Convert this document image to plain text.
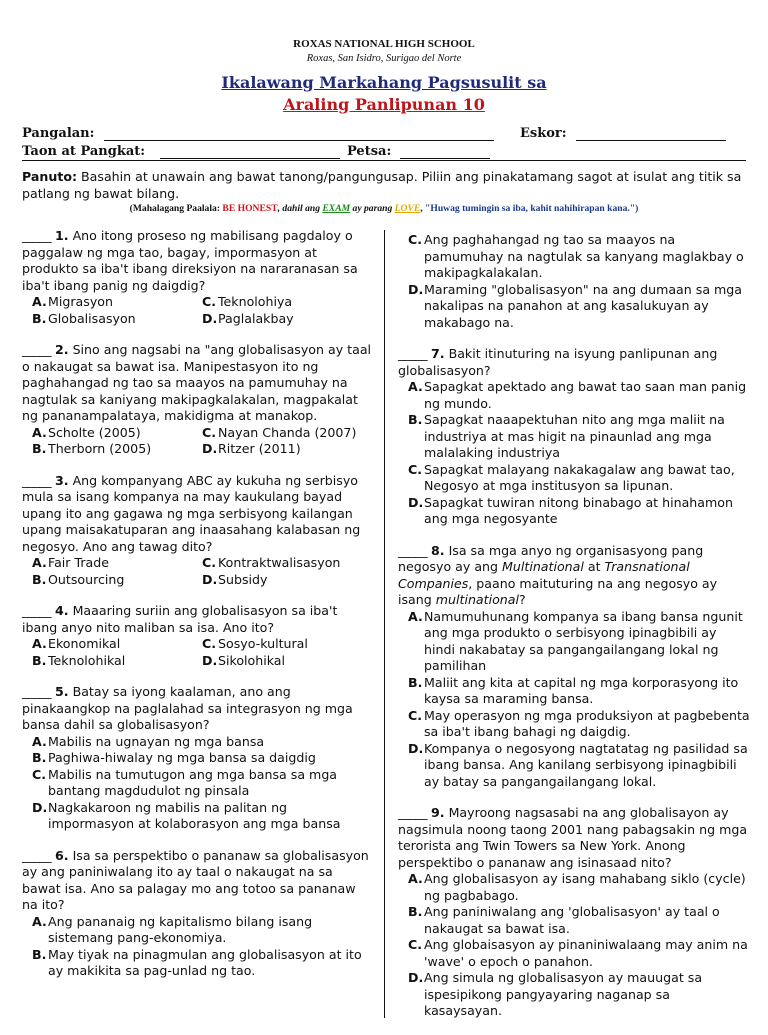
ROXAS NATIONAL HIGH SCHOOL
Roxas, San Isidro, Surigao del Norte
Ikalawang Markahang Pagsusulit sa
Araling Panlipunan 10
Pangalan:	Eskor:
Taon at Pangkat:	Petsa:
Panuto: Basahin at unawain ang bawat tanong/pangungusap. Piliin ang pinakatamang sagot at isulat ang titik sa patlang ng bawat bilang.
(Mahalagang Paalala: BE HONEST, dahil ang EXAM ay parang LOVE, "Huwag tumingin sa iba, kahit nahihirapan kana.")

_____ 1. Ano itong proseso ng mabilisang pagdaloy o paggalaw ng mga tao, bagay, impormasyon at produkto sa iba't ibang direksiyon na nararanasan sa iba't ibang panig ng daigdig?

A. Migrasyon	C. Teknolohiya
B. Globalisasyon	D. Paglalakbay

_____ 2. Sino ang nagsabi na "ang globalisasyon ay taal o nakaugat sa bawat isa. Manipestasyon ito ng paghahangad ng tao sa maayos na pamumuhay na nagtulak sa kaniyang makipagkalakalan, magpakalat ng pananampalataya, makidigma at manakop.

A. Scholte (2005)	C. Nayan Chanda (2007)
B. Therborn (2005)	D. Ritzer (2011)

_____ 3. Ang kompanyang ABC ay kukuha ng serbisyo mula sa isang kompanya na may kaukulang bayad upang ito ang gagawa ng mga serbisyong kailangan upang maisakatuparan ang inaasahang kalabasan ng negosyo. Ano ang tawag dito?

A. Fair Trade	C. Kontraktwalisasyon
B. Outsourcing	D. Subsidy

_____ 4. Maaaring suriin ang globalisasyon sa iba't ibang anyo nito maliban sa isa. Ano ito?

A. Ekonomikal	C. Sosyo-kultural
B. Teknolohikal	D. Sikolohikal

_____ 5. Batay sa iyong kaalaman, ano ang pinakaangkop na paglalahad sa integrasyon ng mga bansa dahil sa globalisasyon?

A. Mabilis na ugnayan ng mga bansa
B. Paghiwa-hiwalay ng mga bansa sa daigdig
C. Mabilis na tumutugon ang mga bansa sa mga bantang magdudulot ng pinsala
D. Nagkakaroon ng mabilis na palitan ng impormasyon at kolaborasyon ang mga bansa

_____ 6. Isa sa perspektibo o pananaw sa globalisasyon ay ang paniniwalang ito ay taal o nakaugat na sa bawat isa. Ano sa palagay mo ang totoo sa pananaw na ito?

A. Ang pananaig ng kapitalismo bilang isang sistemang pang-ekonomiya.
B. May tiyak na pinagmulan ang globalisasyon at ito ay makikita sa pag-unlad ng tao.
C. Ang paghahangad ng tao sa maayos na pamumuhay na nagtulak sa kanyang maglakbay o makipagkalakalan.
D. Maraming "globalisasyon" na ang dumaan sa mga nakalipas na panahon at ang kasalukuyan ay makabago na.

_____ 7. Bakit itinuturing na isyung panlipunan ang globalisasyon?

A. Sapagkat apektado ang bawat tao saan man panig ng mundo.
B. Sapagkat naaapektuhan nito ang mga maliit na industriya at mas higit na pinaunlad ang mga malalaking industriya
C. Sapagkat malayang nakakagalaw ang bawat tao, Negosyo at mga institusyon sa lipunan.
D. Sapagkat tuwiran nitong binabago at hinahamon ang mga negosyante

_____ 8. Isa sa mga anyo ng organisasyong pang negosyo ay ang Multinational at Transnational Companies, paano maituturing na ang negosyo ay isang multinational?

A. Namumuhunang kompanya sa ibang bansa ngunit ang mga produkto o serbisyong ipinagbibili ay hindi nakabatay sa pangangailangang lokal ng pamilihan
B. Maliit ang kita at capital ng mga korporasyong ito kaysa sa maraming bansa.
C. May operasyon ng mga produksiyon at pagbebenta sa iba't ibang bahagi ng daigdig.
D. Kompanya o negosyong nagtatatag ng pasilidad sa ibang bansa. Ang kanilang serbisyong ipinagbibili ay batay sa pangangailangang lokal.

_____ 9. Mayroong nagsasabi na ang globalisayon ay nagsimula noong taong 2001 nang pabagsakin ng mga terorista ang Twin Towers sa New York. Anong perspektibo o pananaw ang isinasaad nito?

A. Ang globalisasyon ay isang mahabang siklo (cycle) ng pagbabago.
B. Ang paniniwalang ang 'globalisasyon' ay taal o nakaugat sa bawat isa.
C. Ang globaisasyon ay pinaniniwalaang may anim na 'wave' o epoch o panahon.
D. Ang simula ng globalisasyon ay mauugat sa ispesipikong pangyayaring naganap sa kasaysayan.
